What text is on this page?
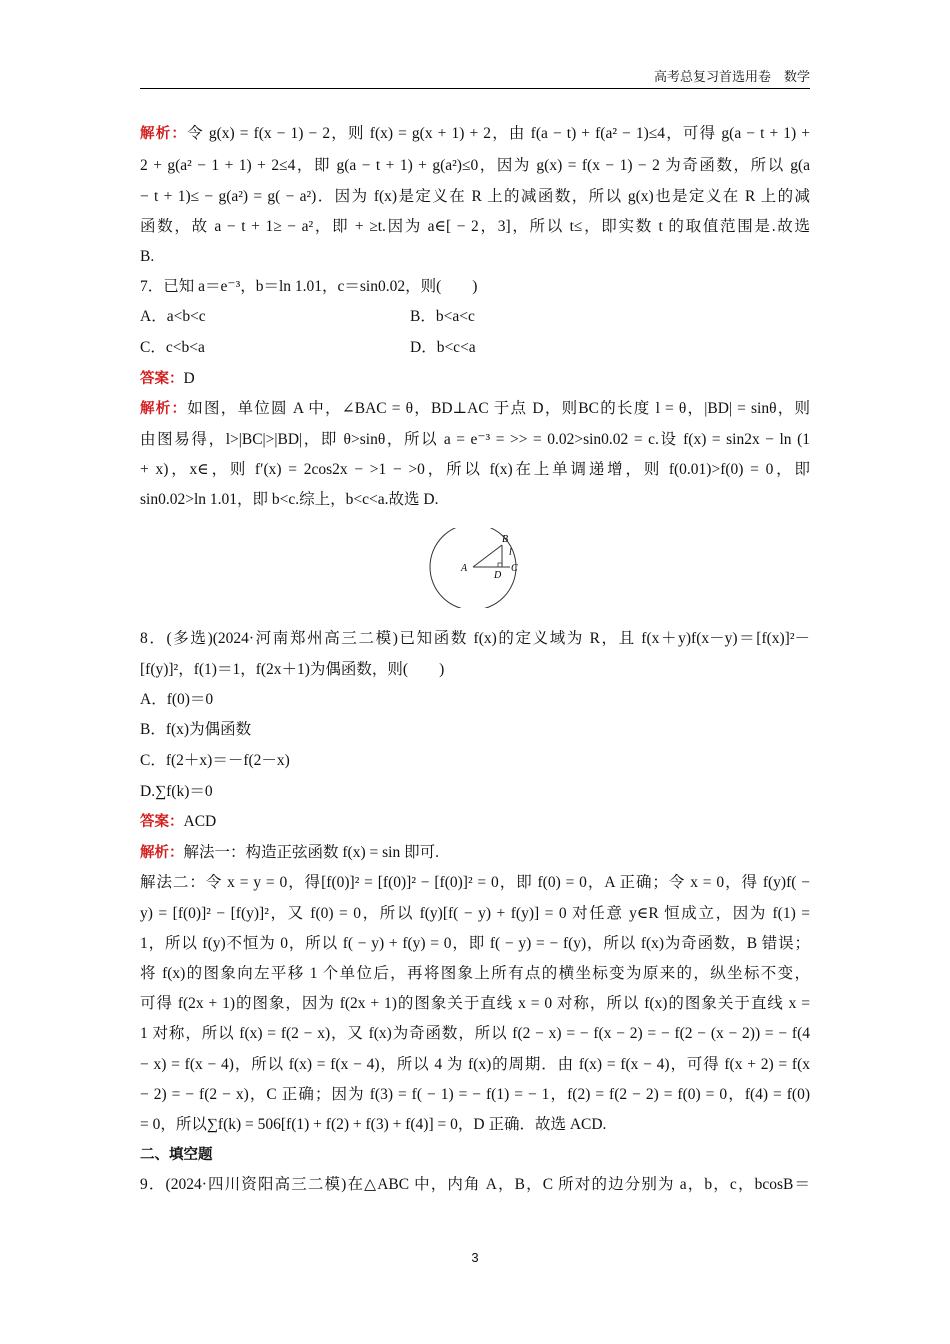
高考总复习首选用卷　数学
解析：令 g(x) = f(x − 1) − 2，则 f(x) = g(x + 1) + 2，由 f(a − t) + f(a² − 1)≤4，可得 g(a − t + 1) +
2 + g(a² − 1 + 1) + 2≤4，即 g(a − t + 1) + g(a²)≤0，因为 g(x) = f(x − 1) − 2 为奇函数，所以 g(a
− t + 1)≤ − g(a²) = g( − a²)．因为 f(x)是定义在 R 上的减函数，所以 g(x)也是定义在 R 上的减
函数，故 a − t + 1≥ − a²，即 + ≥t.因为 a∈[ − 2，3]，所以 t≤，即实数 t 的取值范围是.故选
B.
7．已知 a＝e⁻³，b＝ln 1.01，c＝sin0.02，则(　　)
A．a<b<c	B．b<a<c
C．c<b<a	D．b<c<a
答案：D
解析：如图，单位圆 A 中，∠BAC = θ，BD⊥AC 于点 D，则BC的长度 l = θ，|BD| = sinθ，则
由图易得，l>|BC|>|BD|，即 θ>sinθ，所以 a = e⁻³ = >> = 0.02>sin0.02 = c.设 f(x) = sin2x − ln (1
+ x)，x∈，则 f′(x) = 2cos2x − >1 − >0，所以 f(x)在上单调递增，则 f(0.01)>f(0) = 0，即
sin0.02>ln 1.01，即 b<c.综上，b<c<a.故选 D.
A
B
C
D
l
8．(多选)(2024·河南郑州高三二模)已知函数 f(x)的定义域为 R，且 f(x＋y)f(x－y)＝[f(x)]²－
[f(y)]²，f(1)＝1，f(2x＋1)为偶函数，则(　　)
A．f(0)＝0
B．f(x)为偶函数
C．f(2＋x)＝－f(2－x)
D.∑f(k)＝0
答案：ACD
解析：解法一：构造正弦函数 f(x) = sin 即可.
解法二：令 x = y = 0，得[f(0)]² = [f(0)]² − [f(0)]² = 0，即 f(0) = 0，A 正确；令 x = 0，得 f(y)f( −
y) = [f(0)]² − [f(y)]²，又 f(0) = 0，所以 f(y)[f( − y) + f(y)] = 0 对任意 y∈R 恒成立，因为 f(1) =
1，所以 f(y)不恒为 0，所以 f( − y) + f(y) = 0，即 f( − y) = − f(y)，所以 f(x)为奇函数，B 错误；
将 f(x)的图象向左平移 1 个单位后，再将图象上所有点的横坐标变为原来的，纵坐标不变，
可得 f(2x + 1)的图象，因为 f(2x + 1)的图象关于直线 x = 0 对称，所以 f(x)的图象关于直线 x =
1 对称，所以 f(x) = f(2 − x)，又 f(x)为奇函数，所以 f(2 − x) = − f(x − 2) = − f(2 − (x − 2)) = − f(4
− x) = f(x − 4)，所以 f(x) = f(x − 4)，所以 4 为 f(x)的周期．由 f(x) = f(x − 4)，可得 f(x + 2) = f(x
− 2) = − f(2 − x)，C 正确；因为 f(3) = f( − 1) = − f(1) = − 1，f(2) = f(2 − 2) = f(0) = 0，f(4) = f(0)
= 0，所以∑f(k) = 506[f(1) + f(2) + f(3) + f(4)] = 0，D 正确．故选 ACD.
二、填空题
9．(2024·四川资阳高三二模)在△ABC 中，内角 A，B，C 所对的边分别为 a，b，c，bcosB＝
3
